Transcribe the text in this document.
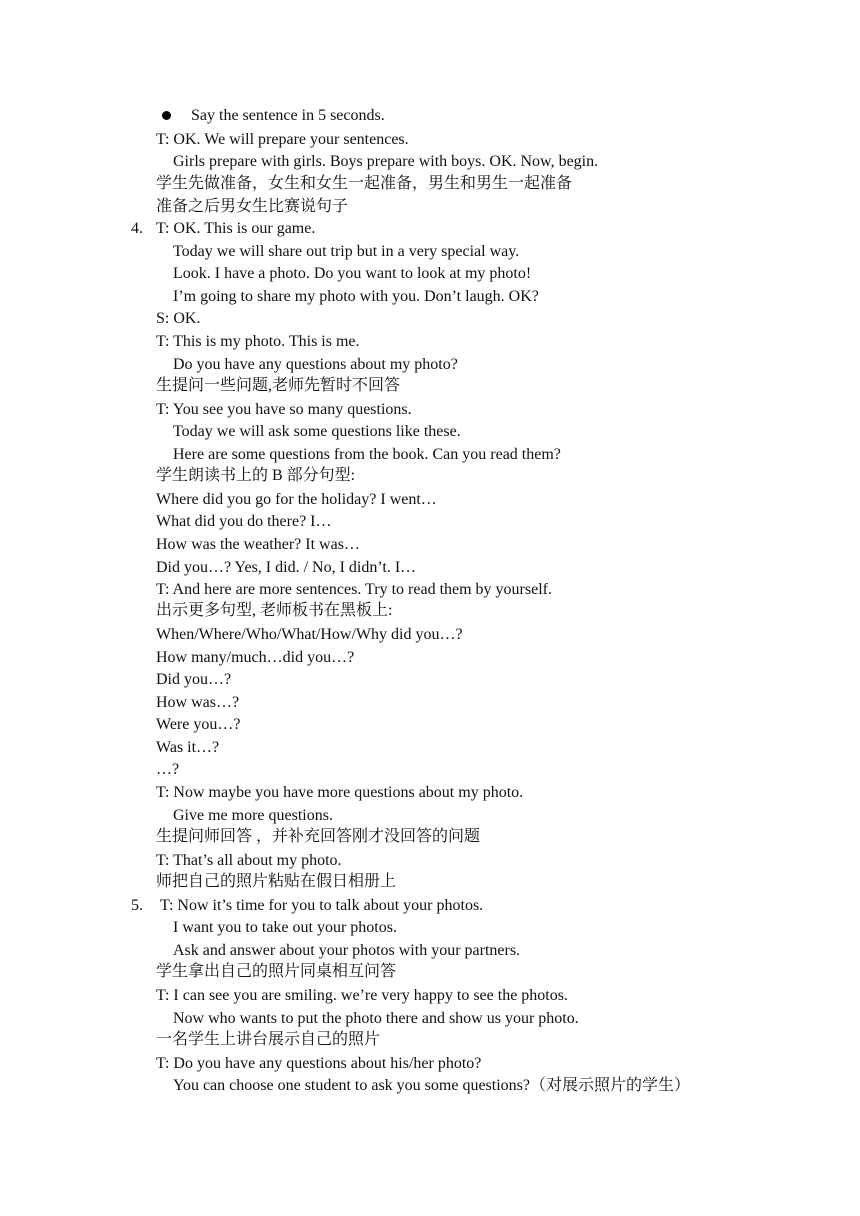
Say the sentence in 5 seconds.
T: OK. We will prepare your sentences.
Girls prepare with girls. Boys prepare with boys. OK. Now, begin.
学生先做准备，女生和女生一起准备，男生和男生一起准备
准备之后男女生比赛说句子
4. T: OK. This is our game.
Today we will share out trip but in a very special way.
Look. I have a photo. Do you want to look at my photo!
I’m going to share my photo with you. Don’t laugh. OK?
S: OK.
T: This is my photo. This is me.
Do you have any questions about my photo?
生提问一些问题,老师先暂时不回答
T: You see you have so many questions.
Today we will ask some questions like these.
Here are some questions from the book. Can you read them?
学生朗读书上的 B 部分句型:
Where did you go for the holiday? I went…
What did you do there? I…
How was the weather? It was…
Did you…? Yes, I did. / No, I didn’t. I…
T: And here are more sentences. Try to read them by yourself.
出示更多句型, 老师板书在黑板上:
When/Where/Who/What/How/Why did you…?
How many/much…did you…?
Did you…?
How was…?
Were you…?
Was it…?
…?
T: Now maybe you have more questions about my photo.
Give me more questions.
生提问师回答 ，并补充回答刚才没回答的问题
T: That’s all about my photo.
师把自己的照片粘贴在假日相册上
5. T: Now it’s time for you to talk about your photos.
I want you to take out your photos.
Ask and answer about your photos with your partners.
学生拿出自己的照片同桌相互问答
T: I can see you are smiling. we’re very happy to see the photos.
Now who wants to put the photo there and show us your photo.
一名学生上讲台展示自己的照片
T: Do you have any questions about his/her photo?
You can choose one student to ask you some questions?（对展示照片的学生）
